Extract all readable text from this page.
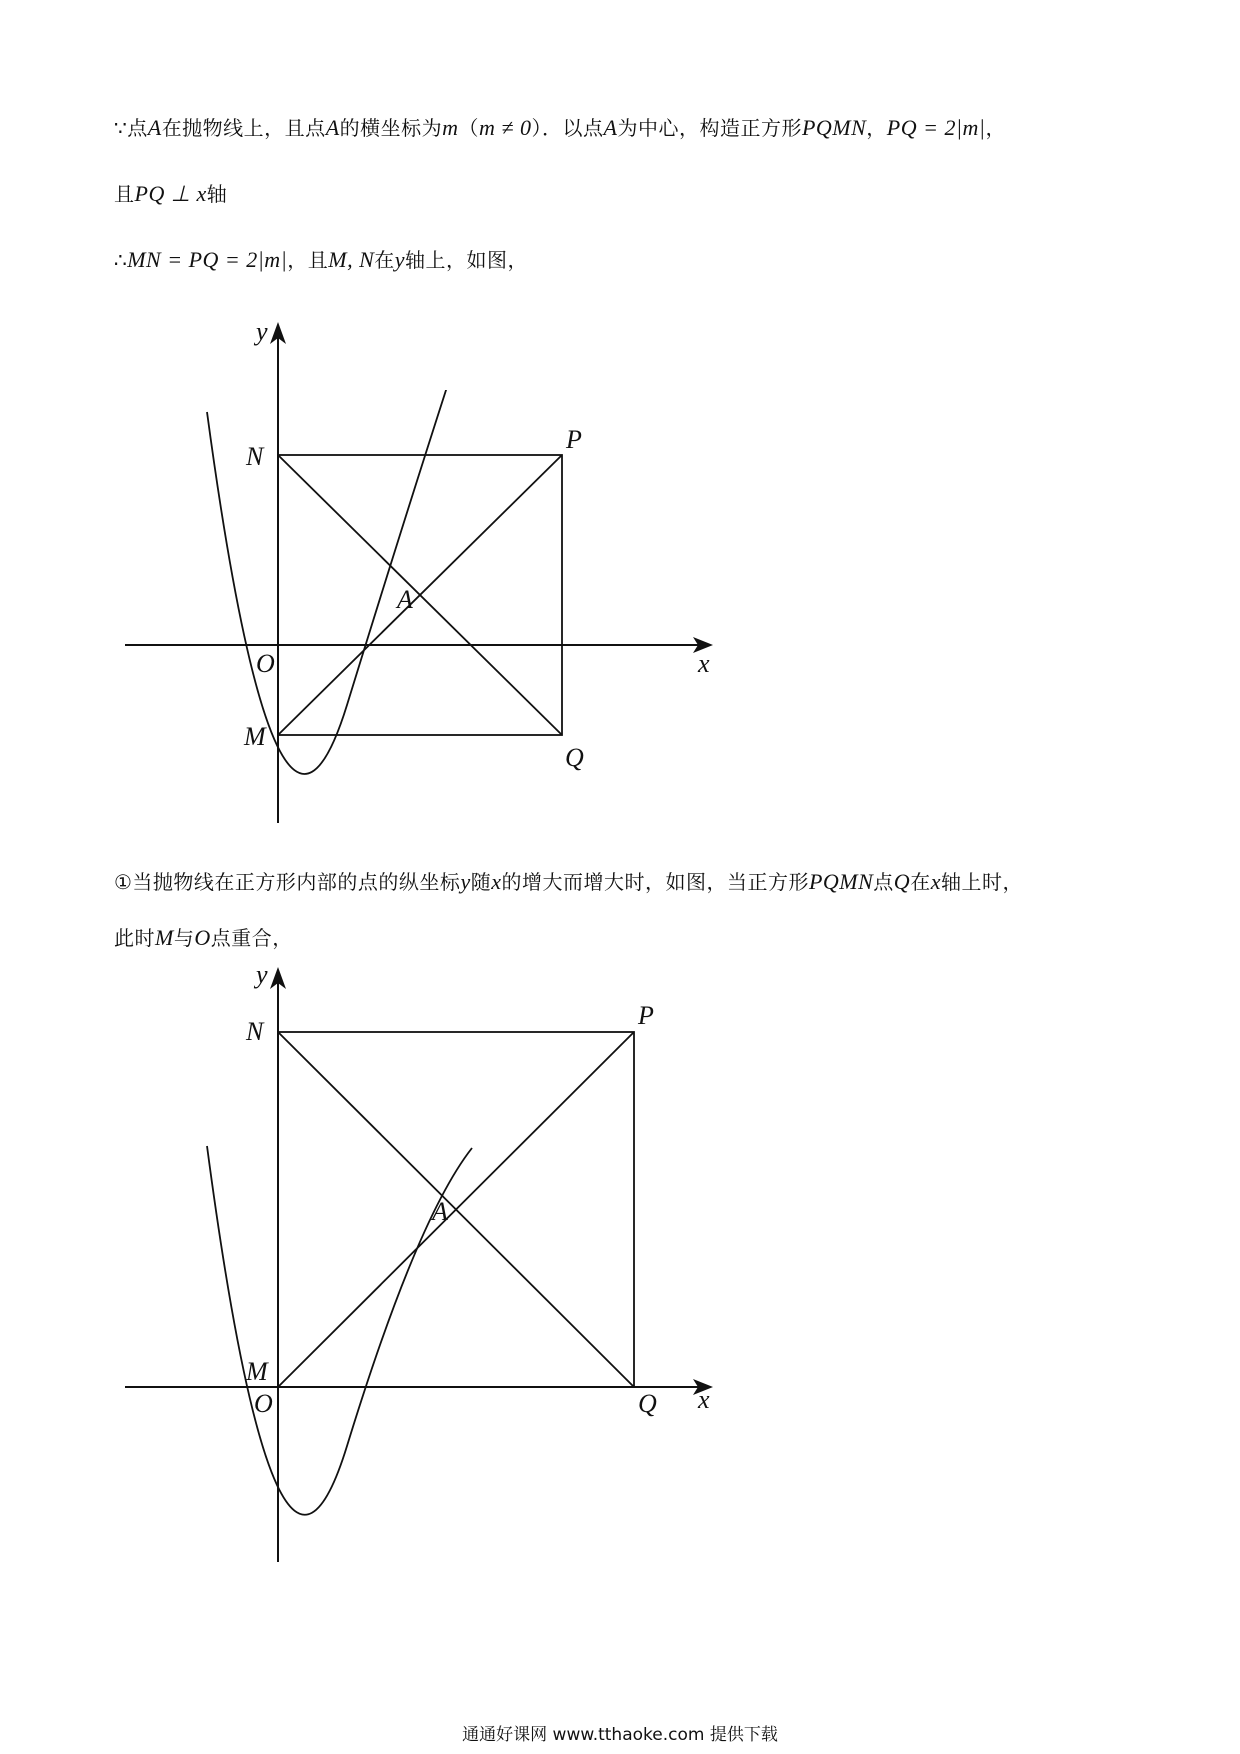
∵点A在抛物线上，且点A的横坐标为m（m ≠ 0）．以点A为中心，构造正方形PQMN，PQ = 2|m|，
且PQ ⊥ x轴
∴MN = PQ = 2|m|，且M, N在y轴上，如图，
y
x
O
N
P
M
Q
A
①当抛物线在正方形内部的点的纵坐标y随x的增大而增大时，如图，当正方形PQMN点Q在x轴上时，
此时M与O点重合，
y
x
O
N
P
M
Q
A
通通好课网 www.tthaoke.com 提供下载
